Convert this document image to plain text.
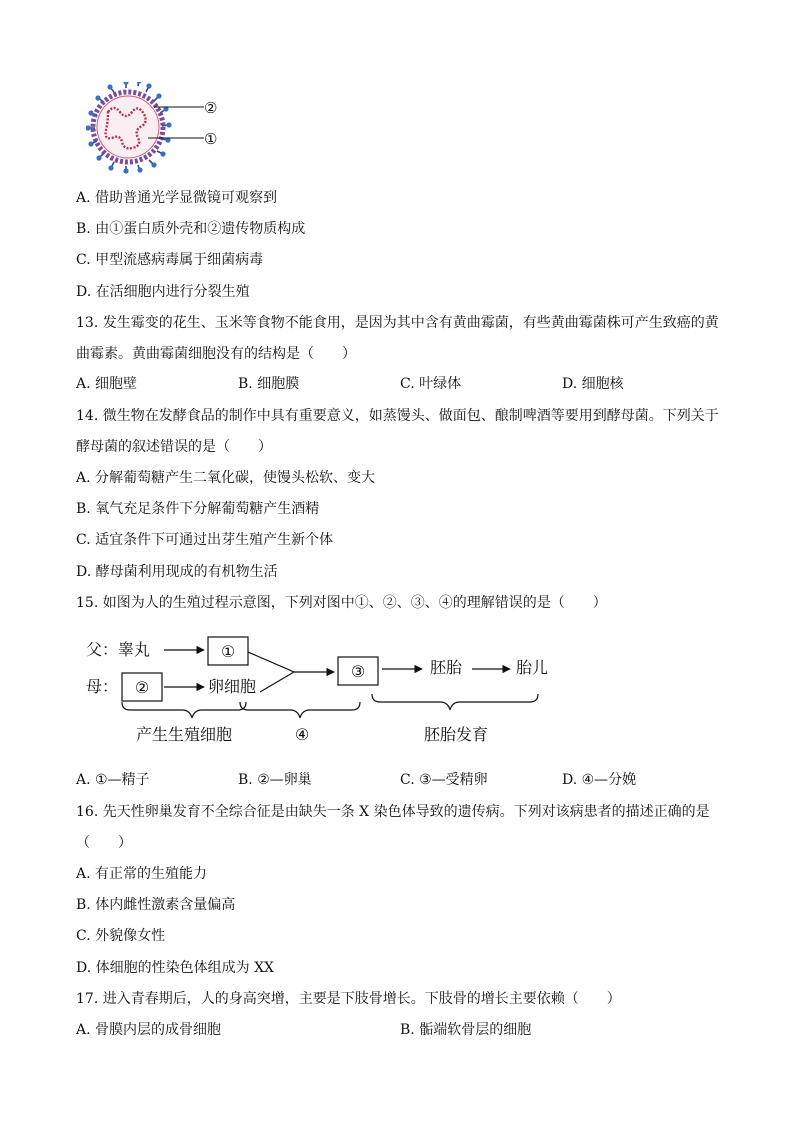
②
①
A. 借助普通光学显微镜可观察到
B. 由①蛋白质外壳和②遗传物质构成
C. 甲型流感病毒属于细菌病毒
D. 在活细胞内进行分裂生殖
13. 发生霉变的花生、玉米等食物不能食用，是因为其中含有黄曲霉菌，有些黄曲霉菌株可产生致癌的黄
曲霉素。黄曲霉菌细胞没有的结构是（　　）
A. 细胞壁	B. 细胞膜	C. 叶绿体	D. 细胞核
14. 微生物在发酵食品的制作中具有重要意义，如蒸馒头、做面包、酿制啤酒等要用到酵母菌。下列关于
酵母菌的叙述错误的是（　　）
A. 分解葡萄糖产生二氧化碳，使馒头松软、变大
B. 氧气充足条件下分解葡萄糖产生酒精
C. 适宜条件下可通过出芽生殖产生新个体
D. 酵母菌利用现成的有机物生活
15. 如图为人的生殖过程示意图，下列对图中①、②、③、④的理解错误的是（　　）
父：睾丸	①
母： ②	卵细胞
③	胚胎	胎儿
产生生殖细胞	④	胚胎发育
A. ①—精子	B. ②—卵巢	C. ③—受精卵	D. ④—分娩
16. 先天性卵巢发育不全综合征是由缺失一条 X 染色体导致的遗传病。下列对该病患者的描述正确的是
（　　）
A. 有正常的生殖能力
B. 体内雌性激素含量偏高
C. 外貌像女性
D. 体细胞的性染色体组成为 XX
17. 进入青春期后，人的身高突增，主要是下肢骨增长。下肢骨的增长主要依赖（　　）
A. 骨膜内层的成骨细胞	B. 骺端软骨层的细胞
